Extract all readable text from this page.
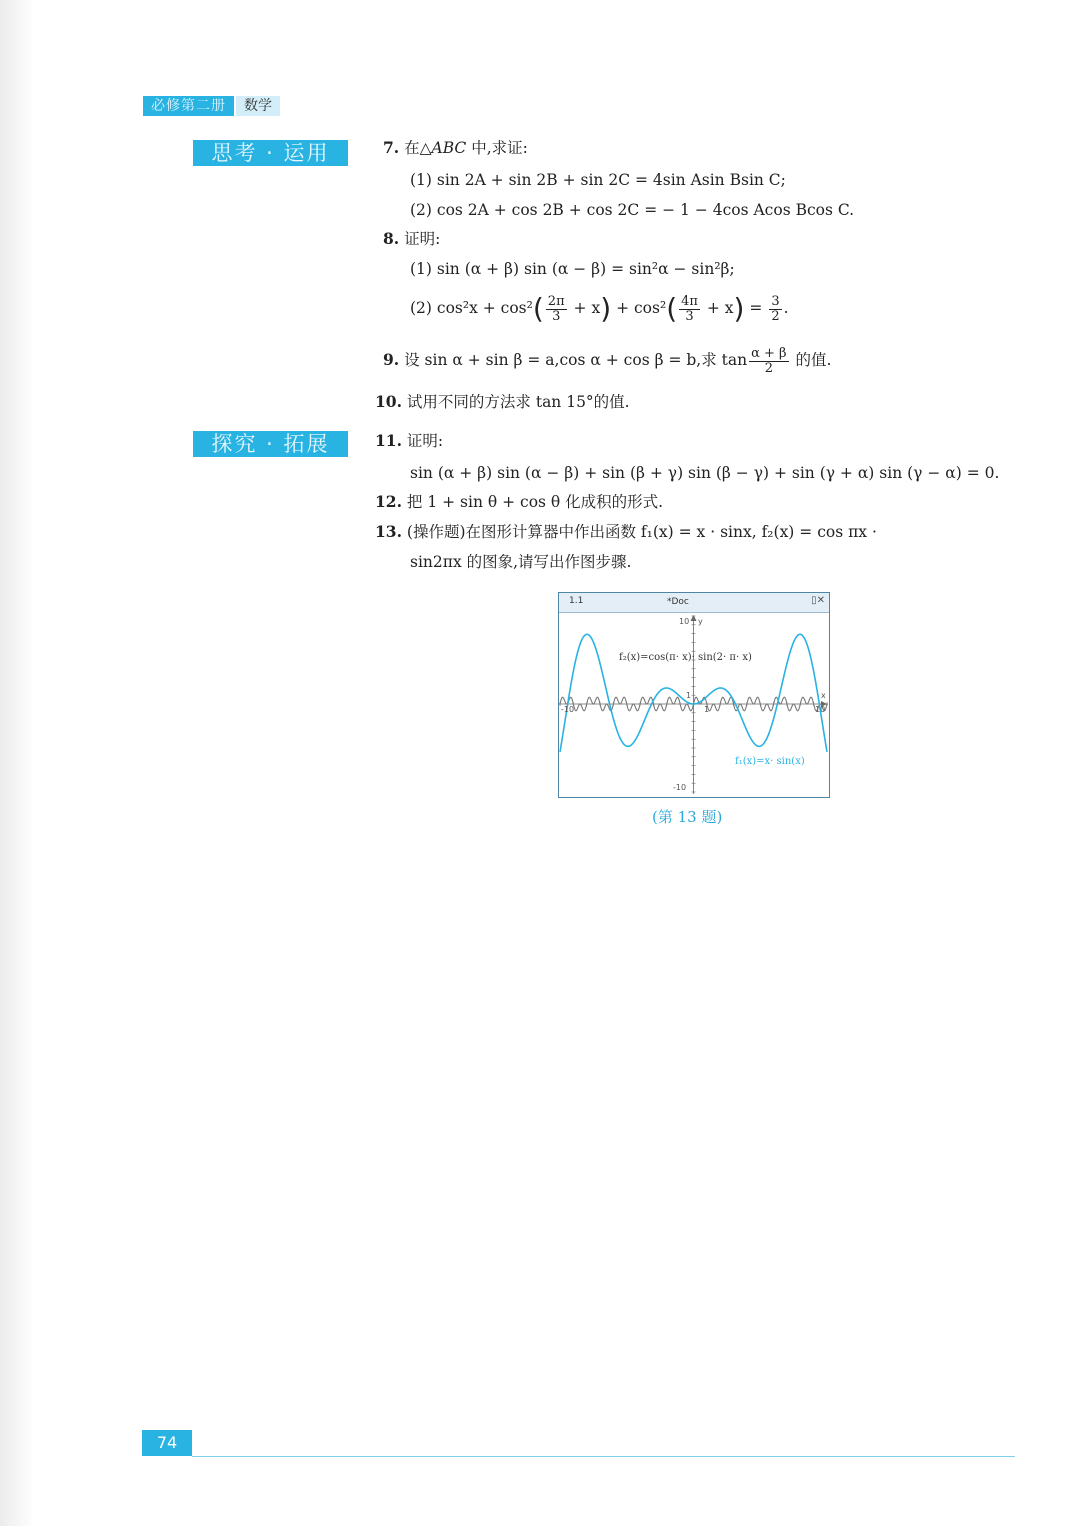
必修第二册	数学
思考 · 运用
探究 · 拓展
7. 在△ABC 中,求证:
(1) sin 2A + sin 2B + sin 2C = 4sin Asin Bsin C;
(2) cos 2A + cos 2B + cos 2C = − 1 − 4cos Acos Bcos C.
8. 证明:
(1) sin (α + β) sin (α − β) = sin²α − sin²β;
(2) $\cos^2x + \cos^2( \frac{2\pi}{3} + x) + \cos^2( \frac{4\pi}{3} + x) = \frac{3}{2}$ .
9. 设 sin α + sin β = a,cos α + cos β = b,求 $\tan \frac{\alpha + \beta}{2}$ 的值.
10. 试用不同的方法求 tan 15°的值.
11. 证明:
sin (α + β) sin (α − β) + sin (β + γ) sin (β − γ) + sin (γ + α) sin (γ − α) = 0.
12. 把 1 + sin θ + cos θ 化成积的形式.
13. (操作题)在图形计算器中作出函数 f₁(x) = x · sinx, f₂(x) = cos πx ·
sin2πx 的图象,请写出作图步骤.
1.1	*Doc	▯✕
10 y
-10
-10	10
x
1
1
f₂(x)=cos(π· x)· sin(2· π· x)
f₁(x)=x· sin(x)
(第 13 题)
74
